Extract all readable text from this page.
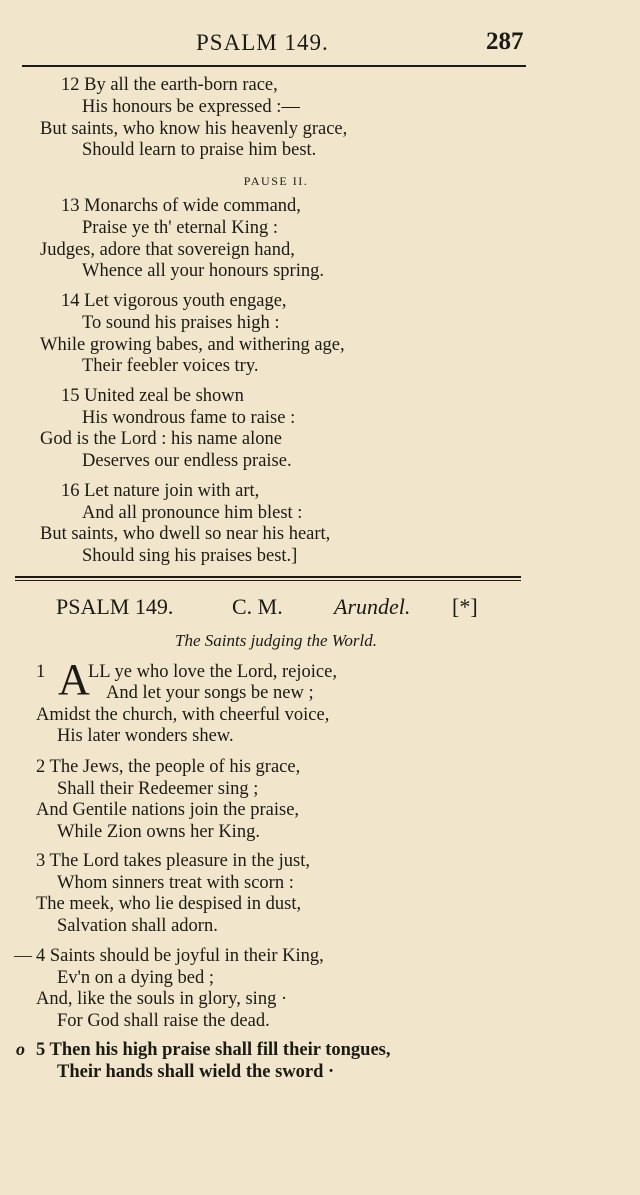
PSALM 149.	287
12 By all the earth-born race,
His honours be expressed :—
But saints, who know his heavenly grace,
Should learn to praise him best.
PAUSE II.
13 Monarchs of wide command,
Praise ye th' eternal King :
Judges, adore that sovereign hand,
Whence all your honours spring.
14 Let vigorous youth engage,
To sound his praises high :
While growing babes, and withering age,
Their feebler voices try.
15 United zeal be shown
His wondrous fame to raise :
God is the Lord : his name alone
Deserves our endless praise.
16 Let nature join with art,
And all pronounce him blest :
But saints, who dwell so near his heart,
Should sing his praises best.]
PSALM 149.	C. M. Arundel. [*]
The Saints judging the World.
1 A
LL ye who love the Lord, rejoice,
And let your songs be new ;
Amidst the church, with cheerful voice,
His later wonders shew.
2 The Jews, the people of his grace,
Shall their Redeemer sing ;
And Gentile nations join the praise,
While Zion owns her King.
3 The Lord takes pleasure in the just,
Whom sinners treat with scorn :
The meek, who lie despised in dust,
Salvation shall adorn.
— 4 Saints should be joyful in their King,
Ev'n on a dying bed ;
And, like the souls in glory, sing ·
For God shall raise the dead.
o 5 Then his high praise shall fill their tongues,
Their hands shall wield the sword ·
